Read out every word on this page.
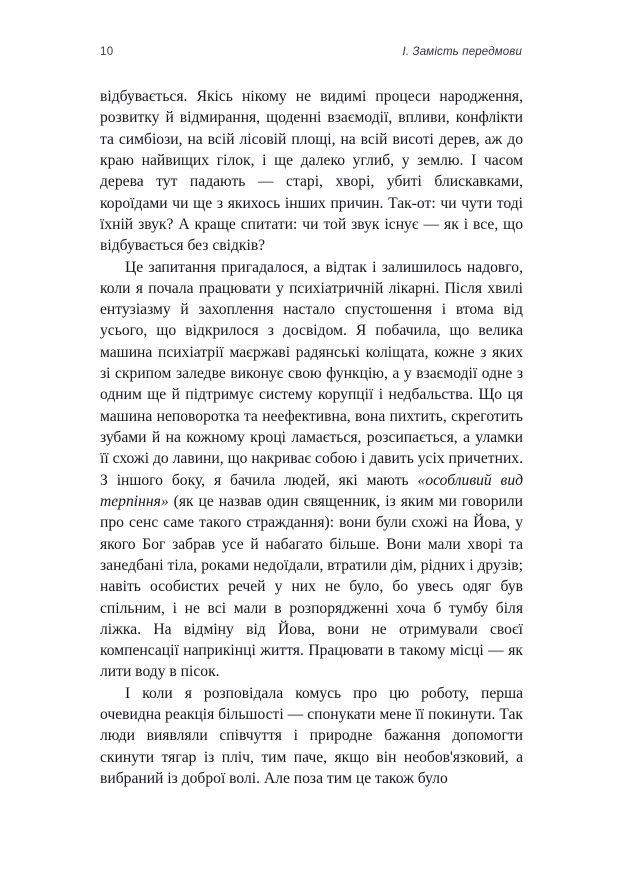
10	I. Замість передмови

відбувається. Якісь нікому не видимі процеси народження, розвитку й відмирання, щоденні взаємодії, впливи, конфлікти та симбіози, на всій лісовій площі, на всій висоті дерев, аж до краю найвищих гілок, і ще далеко углиб, у землю. І часом дерева тут падають — старі, хворі, убиті блискавками, короїдами чи ще з якихось інших причин. Так-от: чи чути тоді їхній звук? А краще спитати: чи той звук існує — як і все, що відбувається без свідків?

Це запитання пригадалося, а відтак і залишилось надовго, коли я почала працювати у психіатричній лікарні. Після хвилі ентузіазму й захоплення настало спустошення і втома від усього, що відкрилося з досвідом. Я побачила, що велика машина психіатрії маєржаві радянські коліщата, кожне з яких зі скрипом заледве виконує свою функцію, а у взаємодії одне з одним ще й підтримує систему корупції і недбальства. Що ця машина неповоротка та неефективна, вона пихтить, скреготить зубами й на кожному кроці ламається, розсипається, а уламки її схожі до лавини, що накриває собою і давить усіх причетних. З іншого боку, я бачила людей, які мають «особливий вид терпіння» (як це назвав один священник, із яким ми говорили про сенс саме такого страждання): вони були схожі на Йова, у якого Бог забрав усе й набагато більше. Вони мали хворі та занедбані тіла, роками недоїдали, втратили дім, рідних і друзів; навіть особистих речей у них не було, бо увесь одяг був спільним, і не всі мали в розпорядженні хоча б тумбу біля ліжка. На відміну від Йова, вони не отримували своєї компенсації наприкінці життя. Працювати в такому місці — як лити воду в пісок.

І коли я розповідала комусь про цю роботу, перша очевидна реакція більшості — спонукати мене її покинути. Так люди виявляли співчуття і природне бажання допомогти скинути тягар із пліч, тим паче, якщо він необов'язковий, а вибраний із доброї волі. Але поза тим це також було
